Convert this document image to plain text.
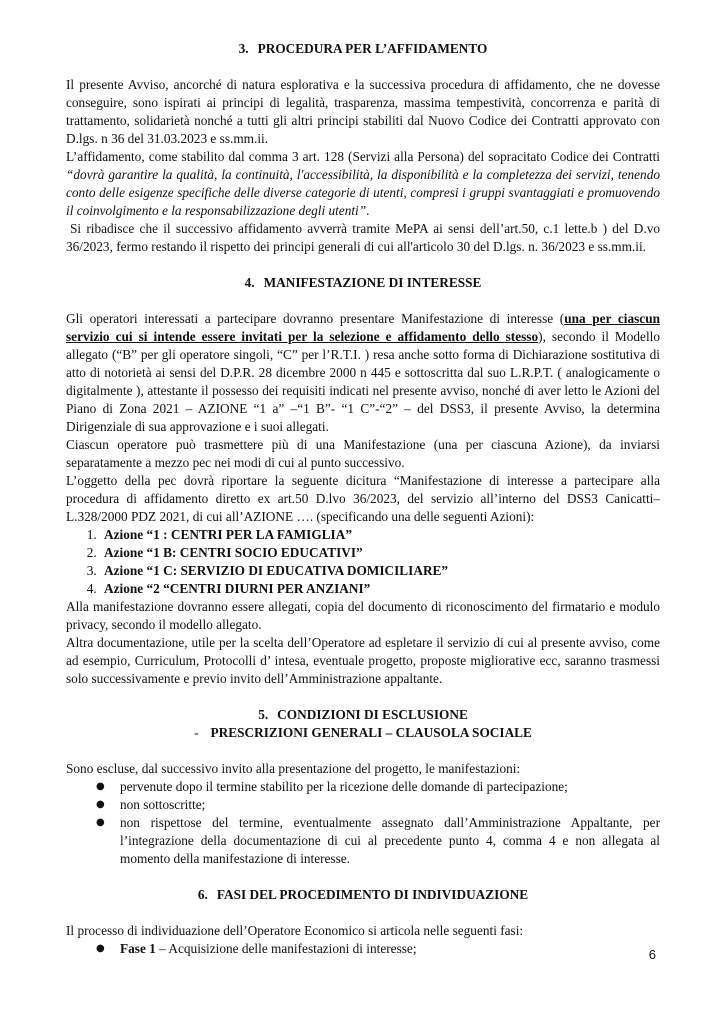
3. PROCEDURA PER L’AFFIDAMENTO

Il presente Avviso, ancorché di natura esplorativa e la successiva procedura di affidamento, che ne dovesse conseguire, sono ispirati ai principi di legalità, trasparenza, massima tempestività, concorrenza e parità di trattamento, solidarietà nonché a tutti gli altri principi stabiliti dal Nuovo Codice dei Contratti approvato con D.lgs. n 36 del 31.03.2023 e ss.mm.ii.

L’affidamento, come stabilito dal comma 3 art. 128 (Servizi alla Persona) del sopracitato Codice dei Contratti “dovrà garantire la qualità, la continuità, l'accessibilità, la disponibilità e la completezza dei servizi, tenendo conto delle esigenze specifiche delle diverse categorie di utenti, compresi i gruppi svantaggiati e promuovendo il coinvolgimento e la responsabilizzazione degli utenti”.

Si ribadisce che il successivo affidamento avverrà tramite MePA ai sensi dell’art.50, c.1 lette.b ) del D.vo 36/2023, fermo restando il rispetto dei principi generali di cui all'articolo 30 del D.lgs. n. 36/2023 e ss.mm.ii.

4. MANIFESTAZIONE DI INTERESSE

Gli operatori interessati a partecipare dovranno presentare Manifestazione di interesse (una per ciascun servizio cui si intende essere invitati per la selezione e affidamento dello stesso), secondo il Modello allegato (“B” per gli operatore singoli, “C” per l’R.T.I. ) resa anche sotto forma di Dichiarazione sostitutiva di atto di notorietà ai sensi del D.P.R. 28 dicembre 2000 n 445 e sottoscritta dal suo L.R.P.T. ( analogicamente o digitalmente ), attestante il possesso dei requisiti indicati nel presente avviso, nonché di aver letto le Azioni del Piano di Zona 2021 – AZIONE “1 a” –“1 B”- “1 C”-“2” – del DSS3, il presente Avviso, la determina Dirigenziale di sua approvazione e i suoi allegati.

Ciascun operatore può trasmettere più di una Manifestazione (una per ciascuna Azione), da inviarsi separatamente a mezzo pec nei modi di cui al punto successivo.

L’oggetto della pec dovrà riportare la seguente dicitura “Manifestazione di interesse a partecipare alla procedura di affidamento diretto ex art.50 D.lvo 36/2023, del servizio all’interno del DSS3 Canicatti– L.328/2000 PDZ 2021, di cui all’AZIONE …. (specificando una delle seguenti Azioni):

1. Azione “1 : CENTRI PER LA FAMIGLIA”
2. Azione “1 B: CENTRI SOCIO EDUCATIVI”
3. Azione “1 C: SERVIZIO DI EDUCATIVA DOMICILIARE”
4. Azione “2 “CENTRI DIURNI PER ANZIANI”

Alla manifestazione dovranno essere allegati, copia del documento di riconoscimento del firmatario e modulo privacy, secondo il modello allegato.

Altra documentazione, utile per la scelta dell’Operatore ad espletare il servizio di cui al presente avviso, come ad esempio, Curriculum, Protocolli d’ intesa, eventuale progetto, proposte migliorative ecc, saranno trasmessi solo successivamente e previo invito dell’Amministrazione appaltante.

5. CONDIZIONI DI ESCLUSIONE

- PRESCRIZIONI GENERALI – CLAUSOLA SOCIALE

Sono escluse, dal successivo invito alla presentazione del progetto, le manifestazioni:

● pervenute dopo il termine stabilito per la ricezione delle domande di partecipazione;
● non sottoscritte;
● non rispettose del termine, eventualmente assegnato dall’Amministrazione Appaltante, per l’integrazione della documentazione di cui al precedente punto 4, comma 4 e non allegata al momento della manifestazione di interesse.
6. FASI DEL PROCEDIMENTO DI INDIVIDUAZIONE

Il processo di individuazione dell’Operatore Economico si articola nelle seguenti fasi:

● Fase 1 – Acquisizione delle manifestazioni di interesse;	6
